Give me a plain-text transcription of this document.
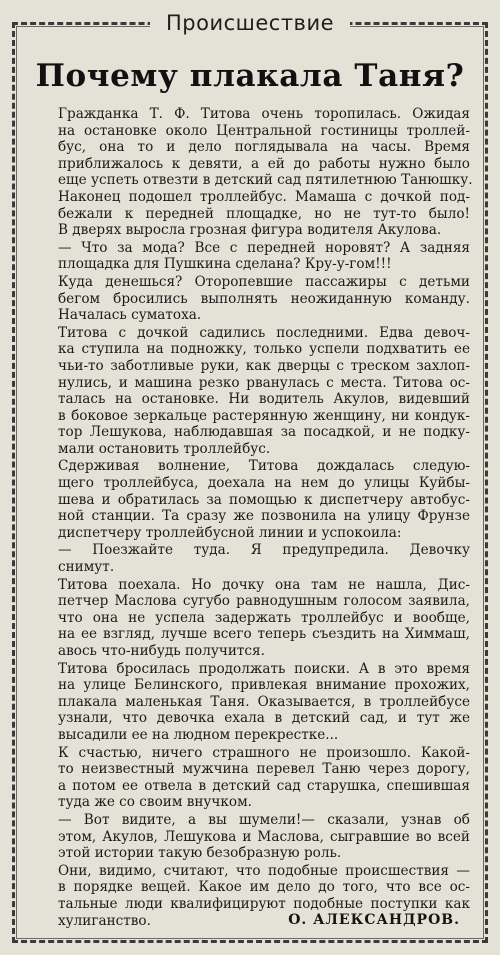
Происшествие
Почему плакала Таня?
Гражданка Т. Ф. Титова очень торопилась. Ожидая
на остановке около Центральной гостиницы троллей-
бус, она то и дело поглядывала на часы. Время
приближалось к девяти, а ей до работы нужно было
еще успеть отвезти в детский сад пятилетнюю Танюшку.
Наконец подошел троллейбус. Мамаша с дочкой под-
бежали к передней площадке, но не тут-то было!
В дверях выросла грозная фигура водителя Акулова.
— Что за мода? Все с передней норовят? А задняя
площадка для Пушкина сделана? Кру-у-гом!!!
Куда денешься? Оторопевшие пассажиры с детьми
бегом бросились выполнять неожиданную команду.
Началась суматоха.
Титова с дочкой садились последними. Едва девоч-
ка ступила на подножку, только успели подхватить ее
чьи-то заботливые руки, как дверцы с треском захлоп-
нулись, и машина резко рванулась с места. Титова ос-
талась на остановке. Ни водитель Акулов, видевший
в боковое зеркальце растерянную женщину, ни кондук-
тор Лешукова, наблюдавшая за посадкой, и не подку-
мали остановить троллейбус.
Сдерживая волнение, Титова дождалась следую-
щего троллейбуса, доехала на нем до улицы Куйбы-
шева и обратилась за помощью к диспетчеру автобус-
ной станции. Та сразу же позвонила на улицу Фрунзе
диспетчеру троллейбусной линии и успокоила:
— Поезжайте туда. Я предупредила. Девочку
снимут.
Титова поехала. Но дочку она там не нашла, Дис-
петчер Маслова сугубо равнодушным голосом заявила,
что она не успела задержать троллейбус и вообще,
на ее взгляд, лучше всего теперь съездить на Химмаш,
авось что-нибудь получится.
Титова бросилась продолжать поиски. А в это время
на улице Белинского, привлекая внимание прохожих,
плакала маленькая Таня. Оказывается, в троллейбусе
узнали, что девочка ехала в детский сад, и тут же
высадили ее на людном перекрестке...
К счастью, ничего страшного не произошло. Какой-
то неизвестный мужчина перевел Таню через дорогу,
а потом ее отвела в детский сад старушка, спешившая
туда же со своим внучком.
— Вот видите, а вы шумели!— сказали, узнав об
этом, Акулов, Лешукова и Маслова, сыгравшие во всей
этой истории такую безобразную роль.
Они, видимо, считают, что подобные происшествия —
в порядке вещей. Какое им дело до того, что все ос-
тальные люди квалифицируют подобные поступки как
хулиганство.	О. АЛЕКСАНДРОВ.
